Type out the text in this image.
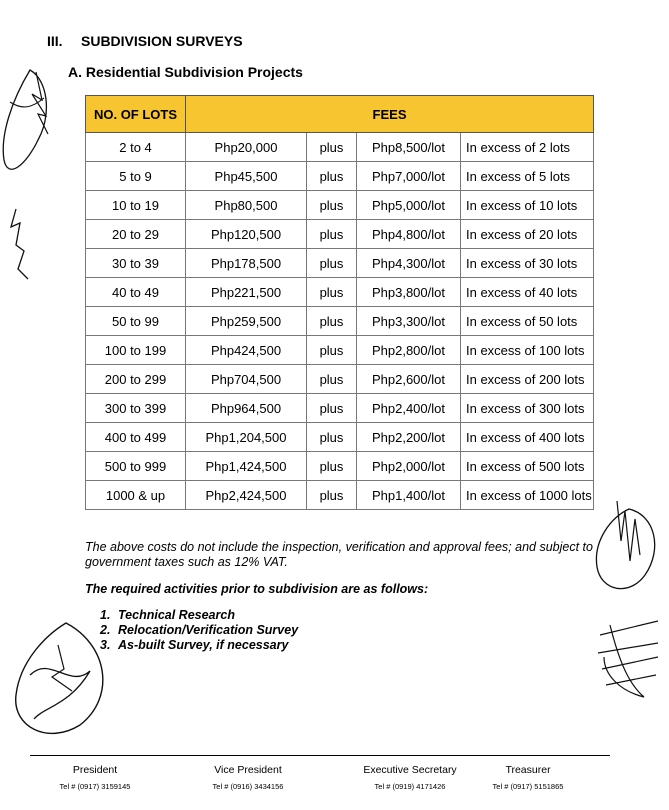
III. SUBDIVISION SURVEYS
A. Residential Subdivision Projects
NO. OF LOTS	FEES			
2 to 4	Php20,000	plus	Php8,500/lot	In excess of 2 lots
5 to 9	Php45,500	plus	Php7,000/lot	In excess of 5 lots
10 to 19	Php80,500	plus	Php5,000/lot	In excess of 10 lots
20 to 29	Php120,500	plus	Php4,800/lot	In excess of 20 lots
30 to 39	Php178,500	plus	Php4,300/lot	In excess of 30 lots
40 to 49	Php221,500	plus	Php3,800/lot	In excess of 40 lots
50 to 99	Php259,500	plus	Php3,300/lot	In excess of 50 lots
100 to 199	Php424,500	plus	Php2,800/lot	In excess of 100 lots
200 to 299	Php704,500	plus	Php2,600/lot	In excess of 200 lots
300 to 399	Php964,500	plus	Php2,400/lot	In excess of 300 lots
400 to 499	Php1,204,500	plus	Php2,200/lot	In excess of 400 lots
500 to 999	Php1,424,500	plus	Php2,000/lot	In excess of 500 lots
1000 & up	Php2,424,500	plus	Php1,400/lot	In excess of 1000 lots
The above costs do not include the inspection, verification and approval fees; and subject to government taxes such as 12% VAT.
The required activities prior to subdivision are as follows:
1. Technical Research
2. Relocation/Verification Survey
3. As-built Survey, if necessary
President
Tel # (0917) 3159145
Vice President
Tel # (0916) 3434156
Executive Secretary
Tel # (0919) 4171426
Treasurer
Tel # (0917) 5151865
